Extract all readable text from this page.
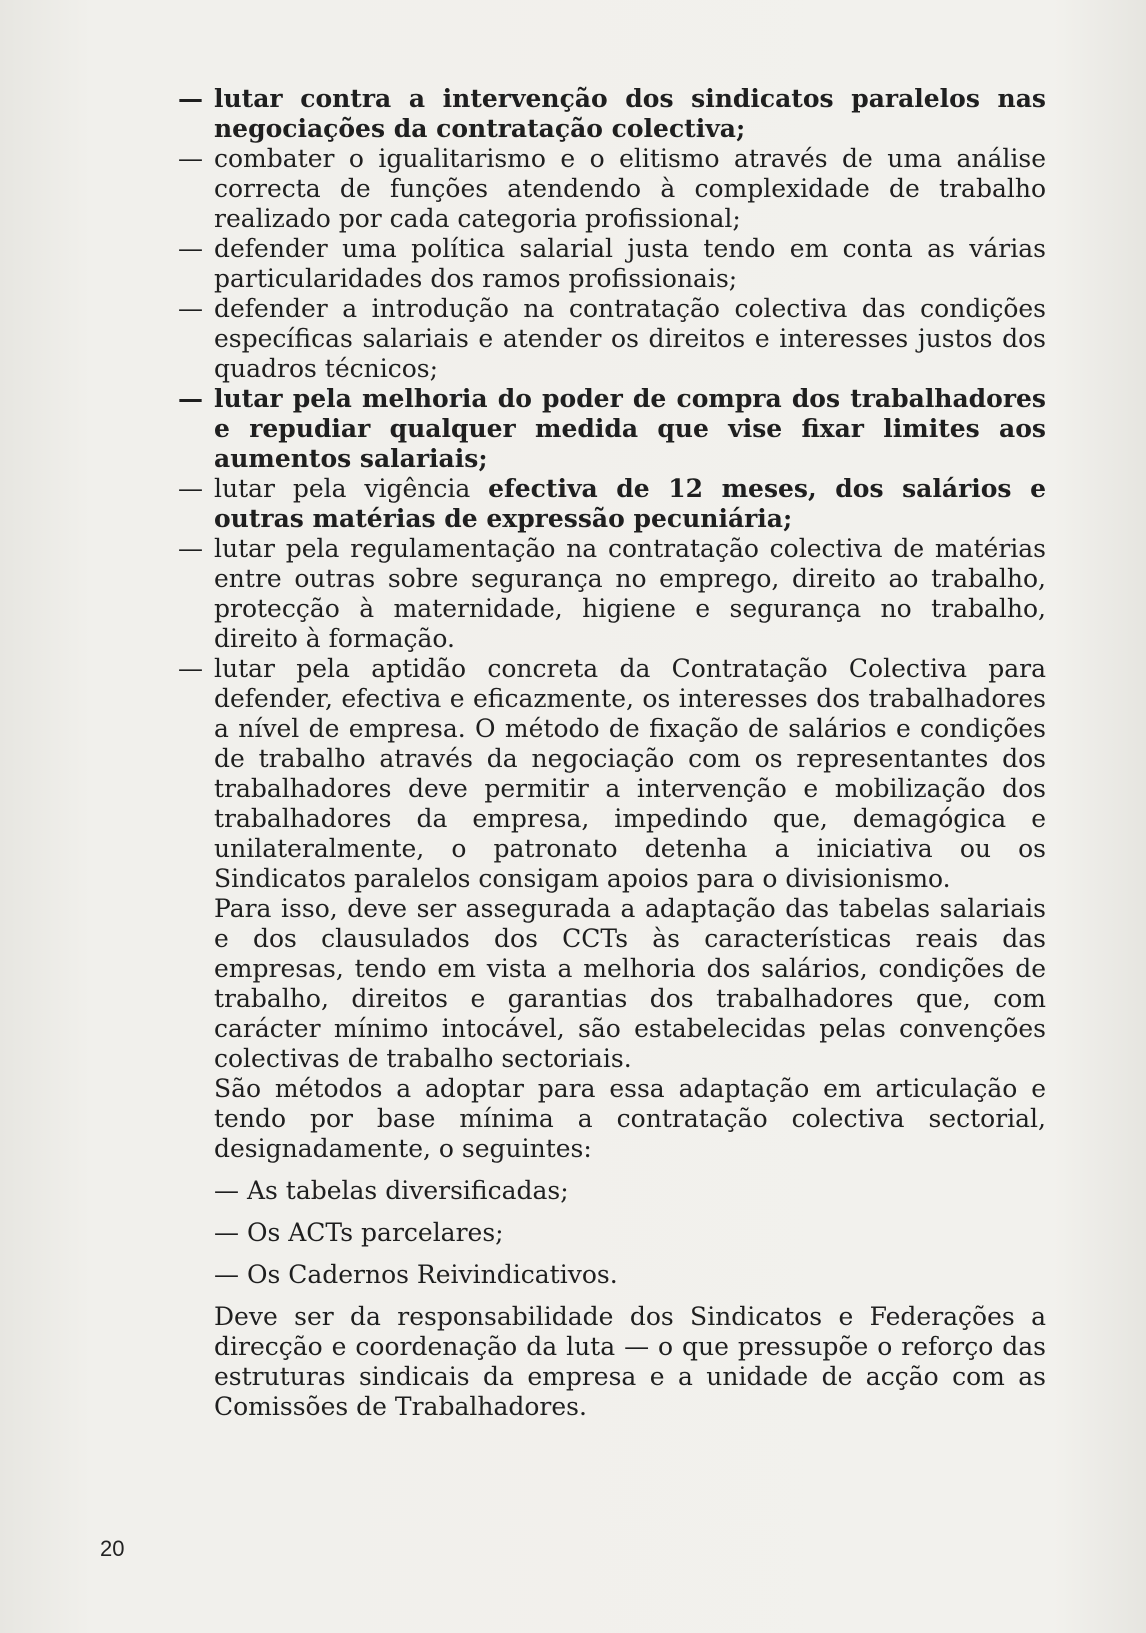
— lutar contra a intervenção dos sindicatos paralelos nas negociações da contratação colectiva;
— combater o igualitarismo e o elitismo através de uma análise correcta de funções atendendo à complexidade de trabalho realizado por cada categoria profissional;
— defender uma política salarial justa tendo em conta as várias particularidades dos ramos profissionais;
— defender a introdução na contratação colectiva das condições específicas salariais e atender os direitos e interesses justos dos quadros técnicos;
— lutar pela melhoria do poder de compra dos trabalhadores e repudiar qualquer medida que vise fixar limites aos aumentos salariais;
— lutar pela vigência efectiva de 12 meses, dos salários e outras matérias de expressão pecuniária;
— lutar pela regulamentação na contratação colectiva de matérias entre outras sobre segurança no emprego, direito ao trabalho, protecção à maternidade, higiene e segurança no trabalho, direito à formação.
— lutar pela aptidão concreta da Contratação Colectiva para defender, efectiva e eficazmente, os interesses dos trabalhadores a nível de empresa. O método de fixação de salários e condições de trabalho através da negociação com os representantes dos trabalhadores deve permitir a intervenção e mobilização dos trabalhadores da empresa, impedindo que, demagógica e unilateralmente, o patronato detenha a iniciativa ou os Sindicatos paralelos consigam apoios para o divisionismo.

Para isso, deve ser assegurada a adaptação das tabelas salariais e dos clausulados dos CCTs às características reais das empresas, tendo em vista a melhoria dos salários, condições de trabalho, direitos e garantias dos trabalhadores que, com carácter mínimo intocável, são estabelecidas pelas convenções colectivas de trabalho sectoriais.

São métodos a adoptar para essa adaptação em articulação e tendo por base mínima a contratação colectiva sectorial, designadamente, o seguintes:

— As tabelas diversificadas;

— Os ACTs parcelares;

— Os Cadernos Reivindicativos.

Deve ser da responsabilidade dos Sindicatos e Federações a direcção e coordenação da luta — o que pressupõe o reforço das estruturas sindicais da empresa e a unidade de acção com as Comissões de Trabalhadores.

20
